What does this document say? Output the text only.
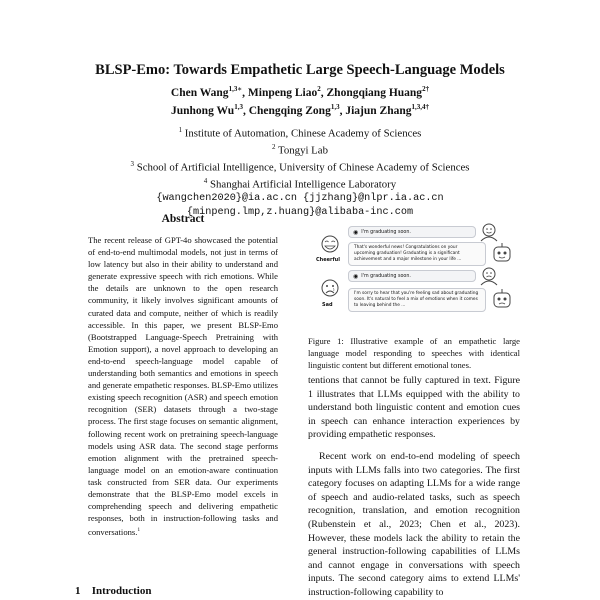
BLSP-Emo: Towards Empathetic Large Speech-Language Models
Chen Wang$^{1,3∗}$, Minpeng Liao$^2$, Zhongqiang Huang$^{2\dagger}$
Junhong Wu$^{1,3}$, Chengqing Zong$^{1,3}$, Jiajun Zhang$^{1,3,4\dagger}$
$^1$ Institute of Automation, Chinese Academy of Sciences
$^2$ Tongyi Lab
$^3$ School of Artificial Intelligence, University of Chinese Academy of Sciences
$^4$ Shanghai Artificial Intelligence Laboratory
{wangchen2020}@ia.ac.cn {jjzhang}@nlpr.ia.ac.cn
{minpeng.lmp,z.huang}@alibaba-inc.com
Abstract

The recent release of GPT-4o showcased the potential of end-to-end multimodal models, not just in terms of low latency but also in their ability to understand and generate expressive speech with rich emotions. While the details are unknown to the open research community, it likely involves significant amounts of curated data and compute, neither of which is readily accessible. In this paper, we present BLSP-Emo (Bootstrapped Language-Speech Pretraining with Emotion support), a novel approach to developing an end-to-end speech-language model capable of understanding both semantics and emotions in speech and generate empathetic responses. BLSP-Emo utilizes existing speech recognition (ASR) and speech emotion recognition (SER) datasets through a two-stage process. The first stage focuses on semantic alignment, following recent work on pretraining speech-language models using ASR data. The second stage performs emotion alignment with the pretrained speech-language model on an emotion-aware continuation task constructed from SER data. Our experiments demonstrate that the BLSP-Emo model excels in comprehending speech and delivering empathetic responses, both in instruction-following tasks and conversations.$^1$

1 Introduction
◉ I'm graduating soon.
Cheerful
That's wonderful news! Congratulations on your upcoming graduation! Graduating is a significant achievement and a major milestone in your life ...
◉ I'm graduating soon.
Sad
I'm sorry to hear that you're feeling sad about graduating soon. It's natural to feel a mix of emotions when it comes to leaving behind the ...
Figure 1: Illustrative example of an empathetic large language model responding to speeches with identical linguistic content but different emotional tones.

tentions that cannot be fully captured in text. Figure 1 illustrates that LLMs equipped with the ability to understand both linguistic content and emotion cues in speech can enhance interaction experiences by providing empathetic responses.

Recent work on end-to-end modeling of speech inputs with LLMs falls into two categories. The first category focuses on adapting LLMs for a wide range of speech and audio-related tasks, such as speech recognition, translation, and emotion recognition (Rubenstein et al., 2023; Chen et al., 2023). However, these models lack the ability to retain the general instruction-following capabilities of LLMs and cannot engage in conversations with speech inputs. The second category aims to extend LLMs' instruction-following capability to
